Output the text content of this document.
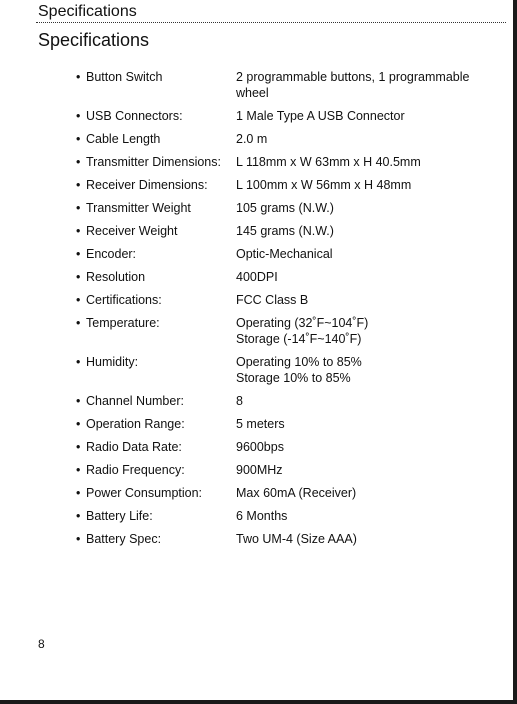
Specifications
Specifications
• Button Switch	2 programmable buttons, 1 programmable
wheel
• USB Connectors:	1 Male Type A USB Connector
• Cable Length	2.0 m
• Transmitter Dimensions:	L 118mm x W 63mm x H 40.5mm
• Receiver Dimensions:	L 100mm x W 56mm x H 48mm
• Transmitter Weight	105 grams (N.W.)
• Receiver Weight	145 grams (N.W.)
• Encoder:	Optic-Mechanical
• Resolution	400DPI
• Certifications:	FCC Class B
• Temperature:	Operating (32˚F~104˚F)
Storage (-14˚F~140˚F)
• Humidity:	Operating 10% to 85%
Storage 10% to 85%
• Channel Number:	8
• Operation Range:	5 meters
• Radio Data Rate:	9600bps
• Radio Frequency:	900MHz
• Power Consumption:	Max 60mA (Receiver)
• Battery Life:	6 Months
• Battery Spec:	Two UM-4 (Size AAA)
8
